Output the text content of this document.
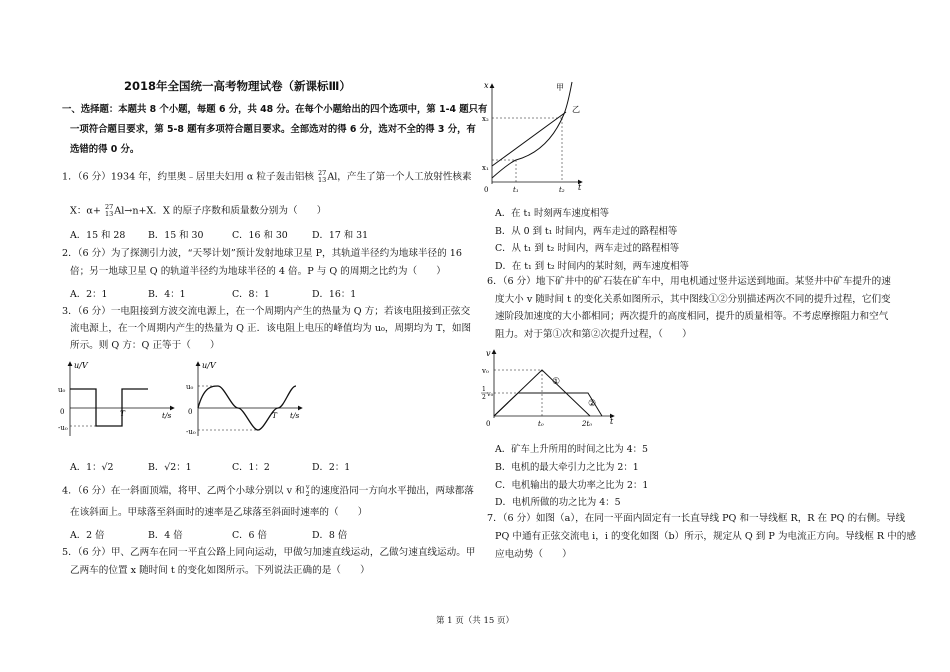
2018年全国统一高考物理试卷（新课标Ⅲ）
一、选择题：本题共 8 个小题，每题 6 分，共 48 分。在每个小题给出的四个选项中，第 1-4 题只有
一项符合题目要求，第 5-8 题有多项符合题目要求。全部选对的得 6 分，选对不全的得 3 分，有
选错的得 0 分。
1．（6 分）1934 年，约里奥﹣居里夫妇用 α 粒子轰击铝核 27
13Al，产生了第一个人工放射性核素
X：α+ 27
13Al→n+X．X 的原子序数和质量数分别为（　　）
A．15 和 28 B．15 和 30	C．16 和 30	D．17 和 31
2．（6 分）为了探测引力波，“天琴计划”预计发射地球卫星 P，其轨道半径约为地球半径的 16
倍；另一地球卫星 Q 的轨道半径约为地球半径的 4 倍。P 与 Q 的周期之比约为（　　）
A．2：1	B．4：1	C．8：1	D．16：1
3．（6 分）一电阻接到方波交流电源上，在一个周期内产生的热量为 Q 方；若该电阻接到正弦交
流电源上，在一个周期内产生的热量为 Q 正．该电阻上电压的峰值均为 u₀，周期均为 T，如图
所示。则 Q 方：Q 正等于（　　）
u/V
u₀
0
-u₀
T	t/s
u/V
u₀
0
-u₀
T t/s
A．1：√2	B．√2：1	C．1：2	D．2：1
4．（6 分）在一斜面顶端，将甲、乙两个小球分别以 v 和v
2的速度沿同一方向水平抛出，两球都落
在该斜面上。甲球落至斜面时的速率是乙球落至斜面时速率的（　　）
A．2 倍	B．4 倍	C．6 倍	D．8 倍
5．（6 分）甲、乙两车在同一平直公路上同向运动，甲做匀加速直线运动，乙做匀速直线运动。甲
乙两车的位置 x 随时间 t 的变化如图所示。下列说法正确的是（　　）
x
x₂
x₁
0	t₁	t₂ t
甲
乙
A．在 t₁ 时刻两车速度相等
B．从 0 到 t₁ 时间内，两车走过的路程相等
C．从 t₁ 到 t₂ 时间内，两车走过的路程相等
D．在 t₁ 到 t₂ 时间内的某时刻，两车速度相等
6．（6 分）地下矿井中的矿石装在矿车中，用电机通过竖井运送到地面。某竖井中矿车提升的速
度大小 v 随时间 t 的变化关系如图所示，其中图线①②分别描述两次不同的提升过程，它们变
速阶段加速度的大小都相同；两次提升的高度相同，提升的质量相等。不考虑摩擦阻力和空气
阻力。对于第①次和第②次提升过程，（　　）
v
v₀
1
2 v₀
0	t₀	2t₀ t
①
②
A．矿车上升所用的时间之比为 4：5
B．电机的最大牵引力之比为 2：1
C．电机输出的最大功率之比为 2：1
D．电机所做的功之比为 4：5
7．（6 分）如图（a），在同一平面内固定有一长直导线 PQ 和一导线框 R，R 在 PQ 的右侧。导线
PQ 中通有正弦交流电 i，i 的变化如图（b）所示，规定从 Q 到 P 为电流正方向。导线框 R 中的感
应电动势（　　）
第 1 页（共 15 页）
